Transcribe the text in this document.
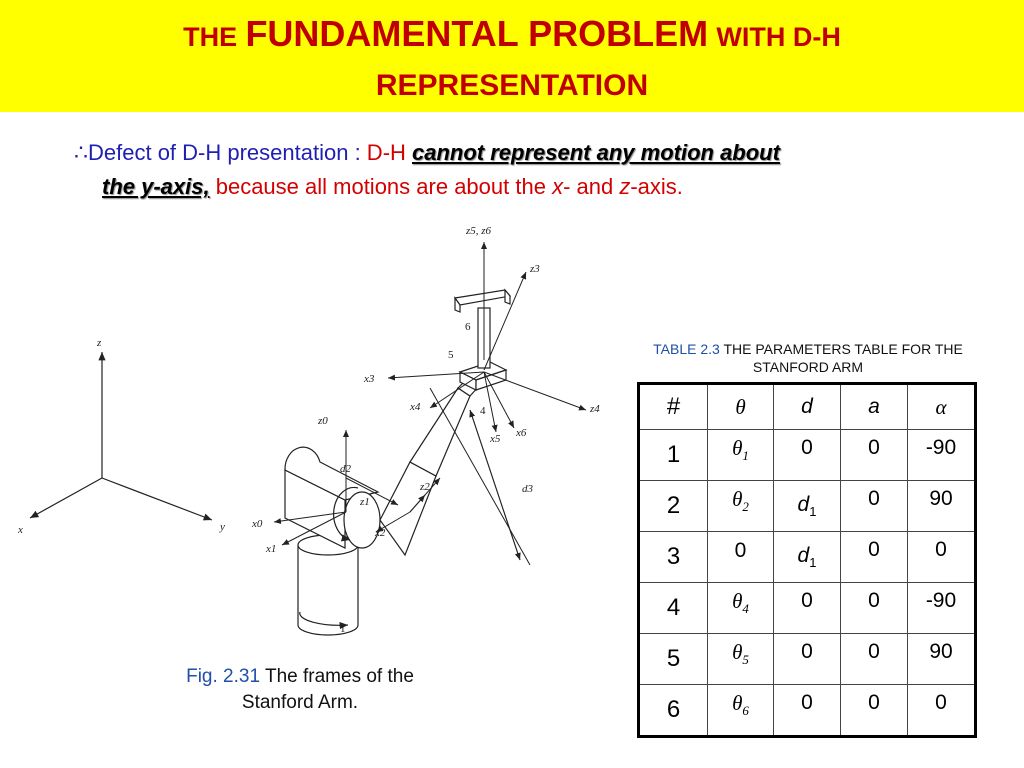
THE FUNDAMENTAL PROBLEM WITH D-H
REPRESENTATION
∴Defect of D-H presentation : D-H cannot represent any motion about
the y-axis, because all motions are about the x- and z-axis.
z
x	y
z5, z6
z3
6
5
x3
x4	4	z4
x6
x5
z0
d2
z1
z2	d3
x0
x1
x2
1
Fig. 2.31 The frames of the
Stanford Arm.
TABLE 2.3 THE PARAMETERS TABLE FOR THE
STANFORD ARM
#	θ	d	a	α
1	$\theta_1$	0	0	-90
2	$\theta_2$	$d_1$	0	90
3	0	$d_1$	0	0
4	$\theta_4$	0	0	-90
5	$\theta_5$	0	0	90
6	$\theta_6$	0	0	0
